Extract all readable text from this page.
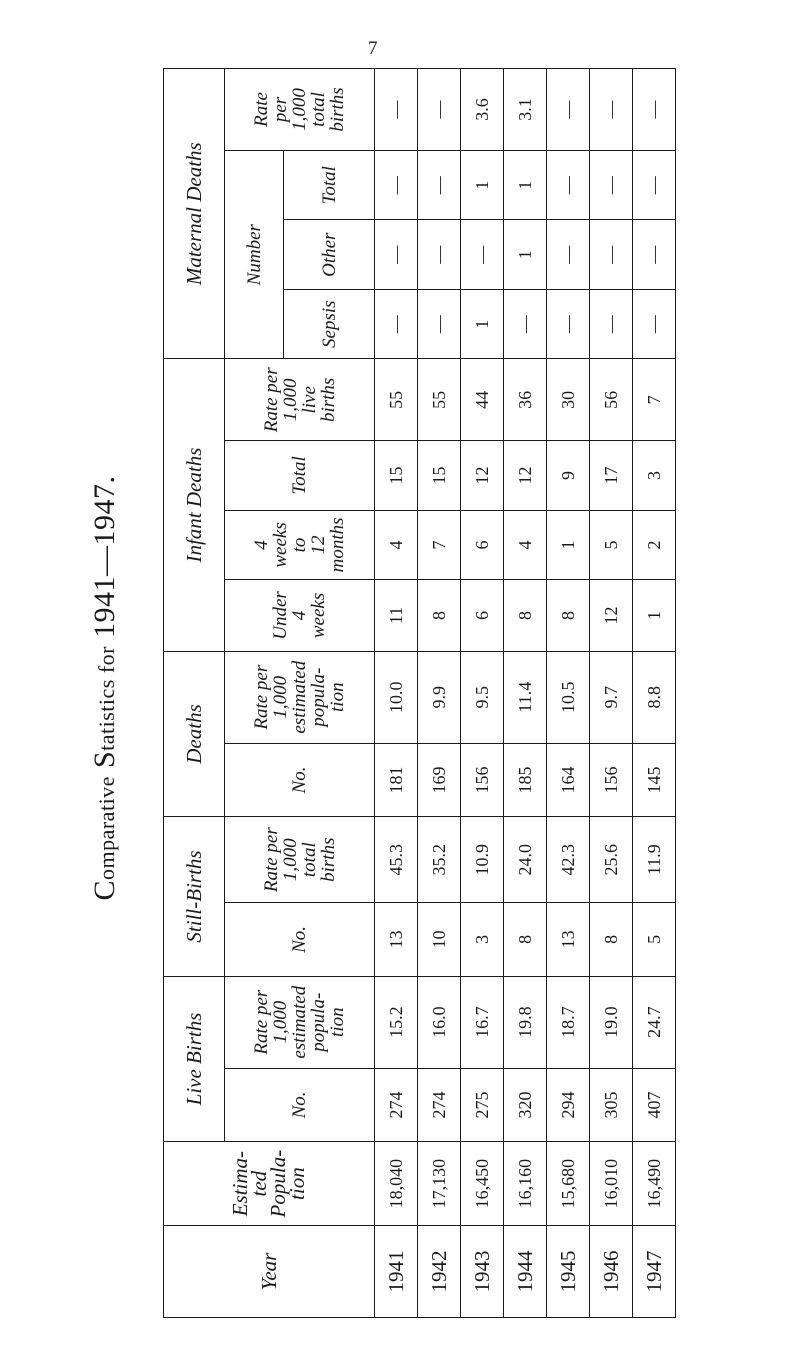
7
Comparative Statistics for 1941—1947.
Year	Estima-
ted
Popula-
tion	Live Births		Still-Births		Deaths		Infant Deaths				Maternal Deaths			
		No.	Rate per
1,000
estimated
popula-
tion	No.	Rate per
1,000
total
births	No.	Rate per
1,000
estimated
popula-
tion	Under
4
weeks	4
weeks
to
12
months	Total	Rate per
1,000
live
births	Number			Rate
per
1,000
total
births
												Sepsis	Other	Total	
1941	18,040	274	15.2	13	45.3	181	10.0	11	4	15	55	—	—	—	—
1942	17,130	274	16.0	10	35.2	169	9.9	8	7	15	55	—	—	—	—
1943	16,450	275	16.7	3	10.9	156	9.5	6	6	12	44	1	—	1	3.6
1944	16,160	320	19.8	8	24.0	185	11.4	8	4	12	36	—	1	1	3.1
1945	15,680	294	18.7	13	42.3	164	10.5	8	1	9	30	—	—	—	—
1946	16,010	305	19.0	8	25.6	156	9.7	12	5	17	56	—	—	—	—
1947	16,490	407	24.7	5	11.9	145	8.8	1	2	3	7	—	—	—	—
